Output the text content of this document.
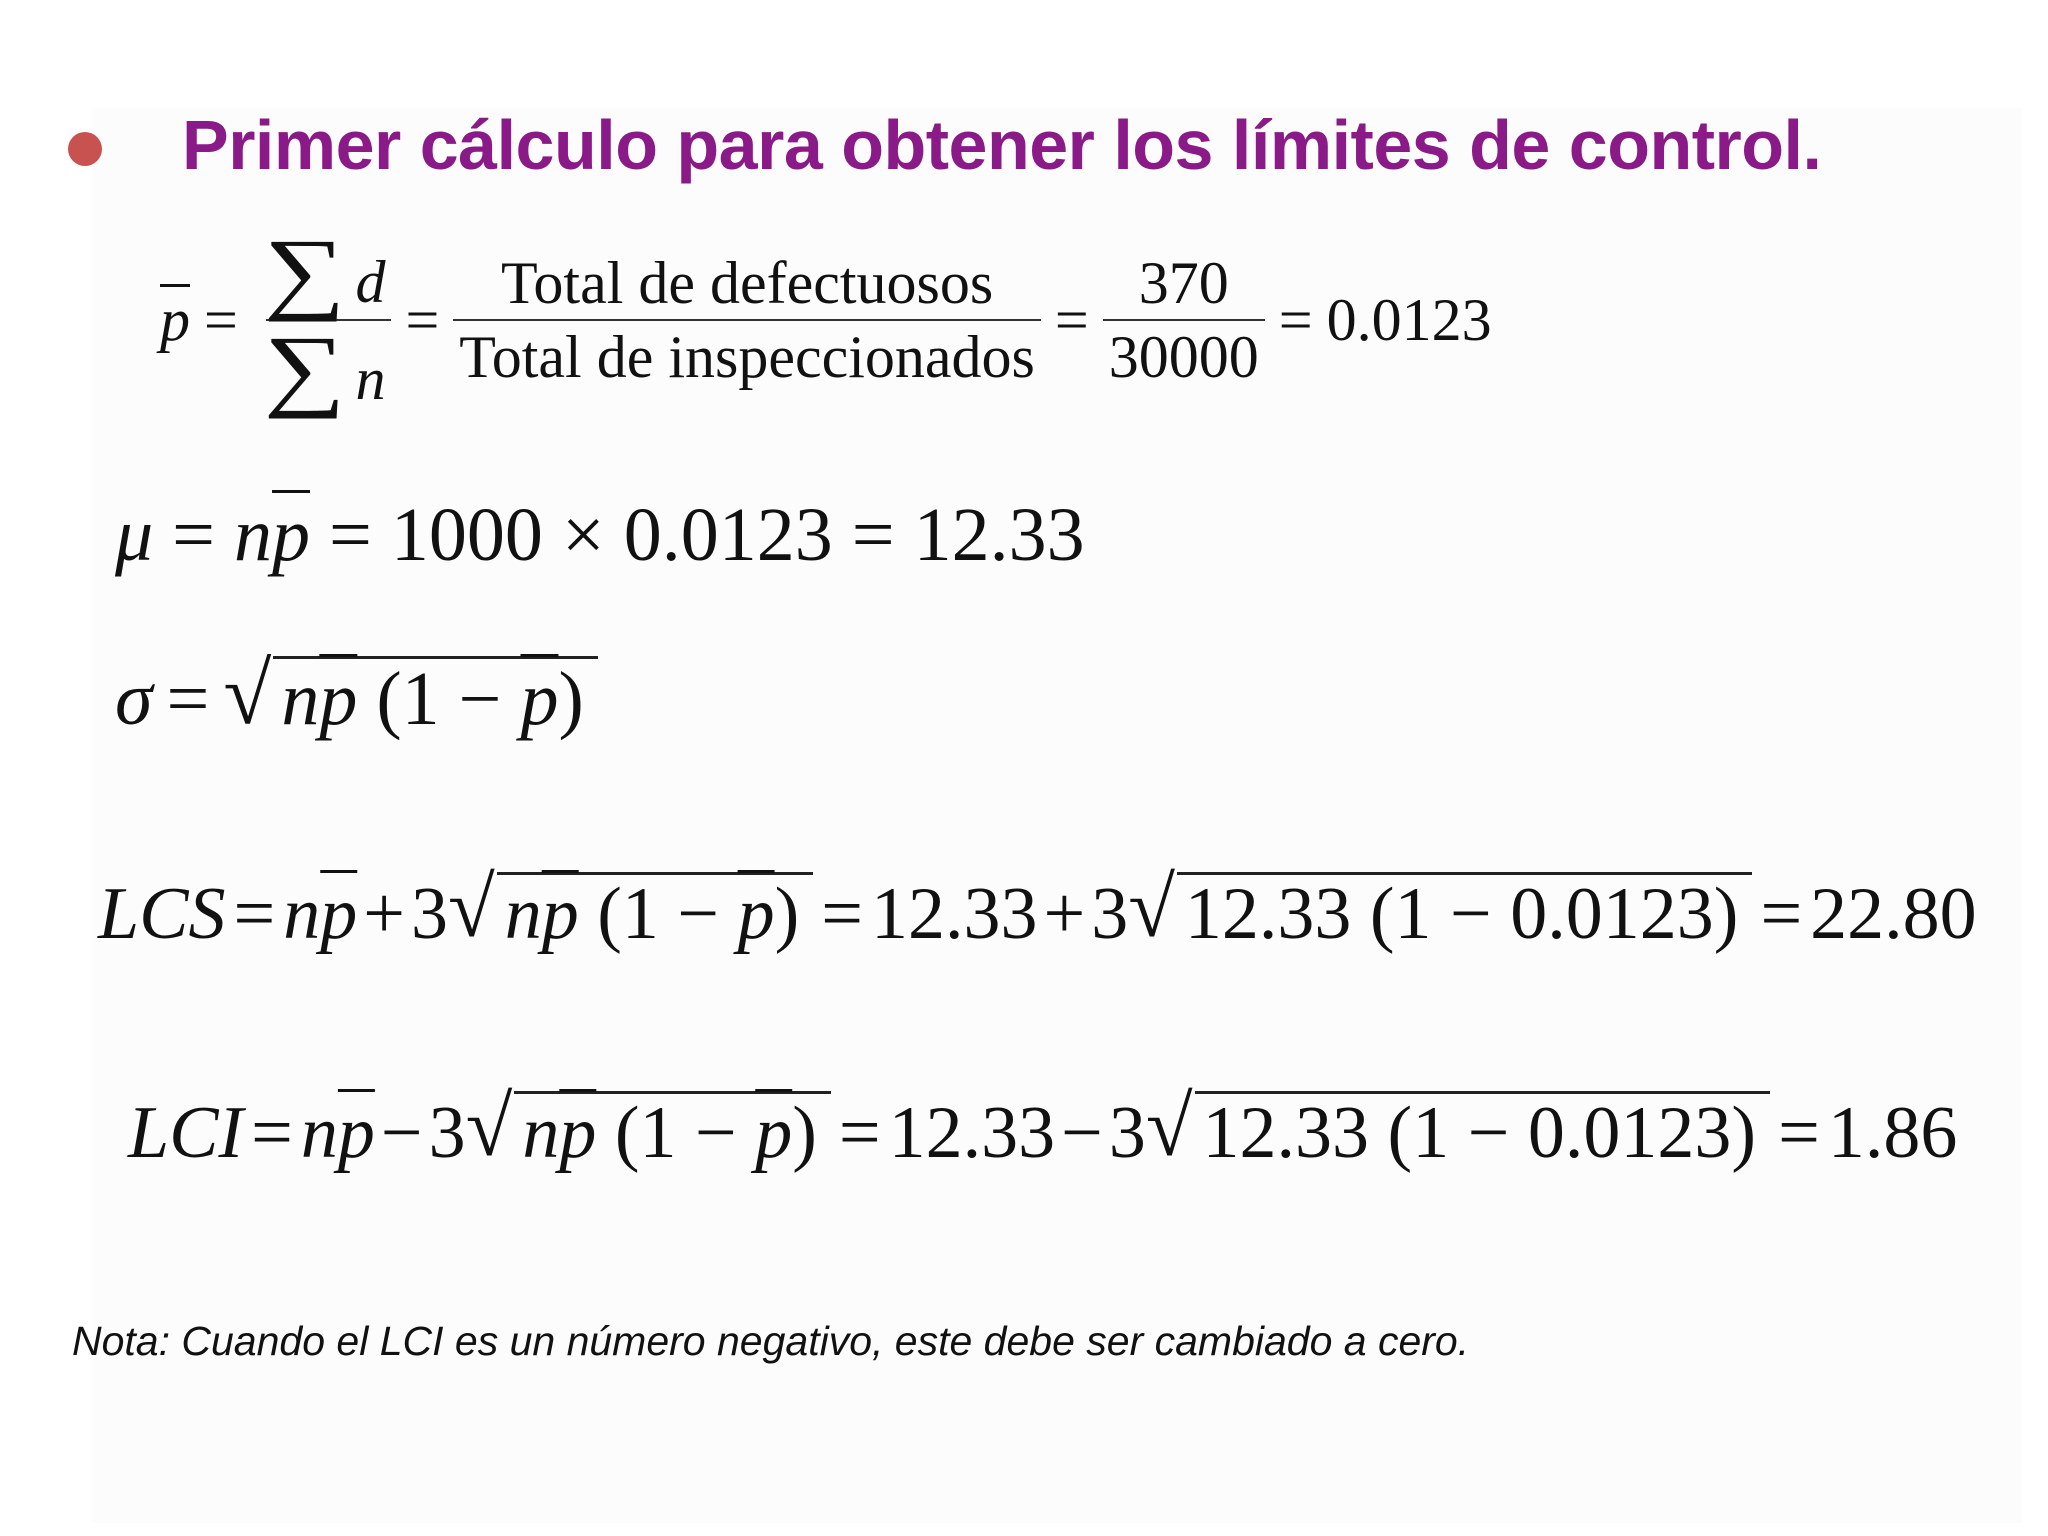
Primer cálculo para obtener los límites de control.
$\overline{p} = \frac{\sum d}{\sum n} = \frac{\text{Total de defectuosos}}{\text{Total de inspeccionados}} = \frac{370}{30000} = 0.0123$
$\mu = n\overline{p} = 1000 \times 0.0123 = 12.33$
σ = √ $n\overline{p}$ $(1 - \overline{p})$
LCS = n $\overline{p} + 3$ √ $n\overline{p}$ $(1 - \overline{p}) = 12.33 + 3$ √ 12.33 (1 − 0.0123) = 22.80
LCI = n $\overline{p} - 3$ √ $n\overline{p}$ $(1 - \overline{p}) = 12.33 - 3$ √ 12.33 (1 − 0.0123) = 1.86
Nota: Cuando el LCI es un número negativo, este debe ser cambiado a cero.
